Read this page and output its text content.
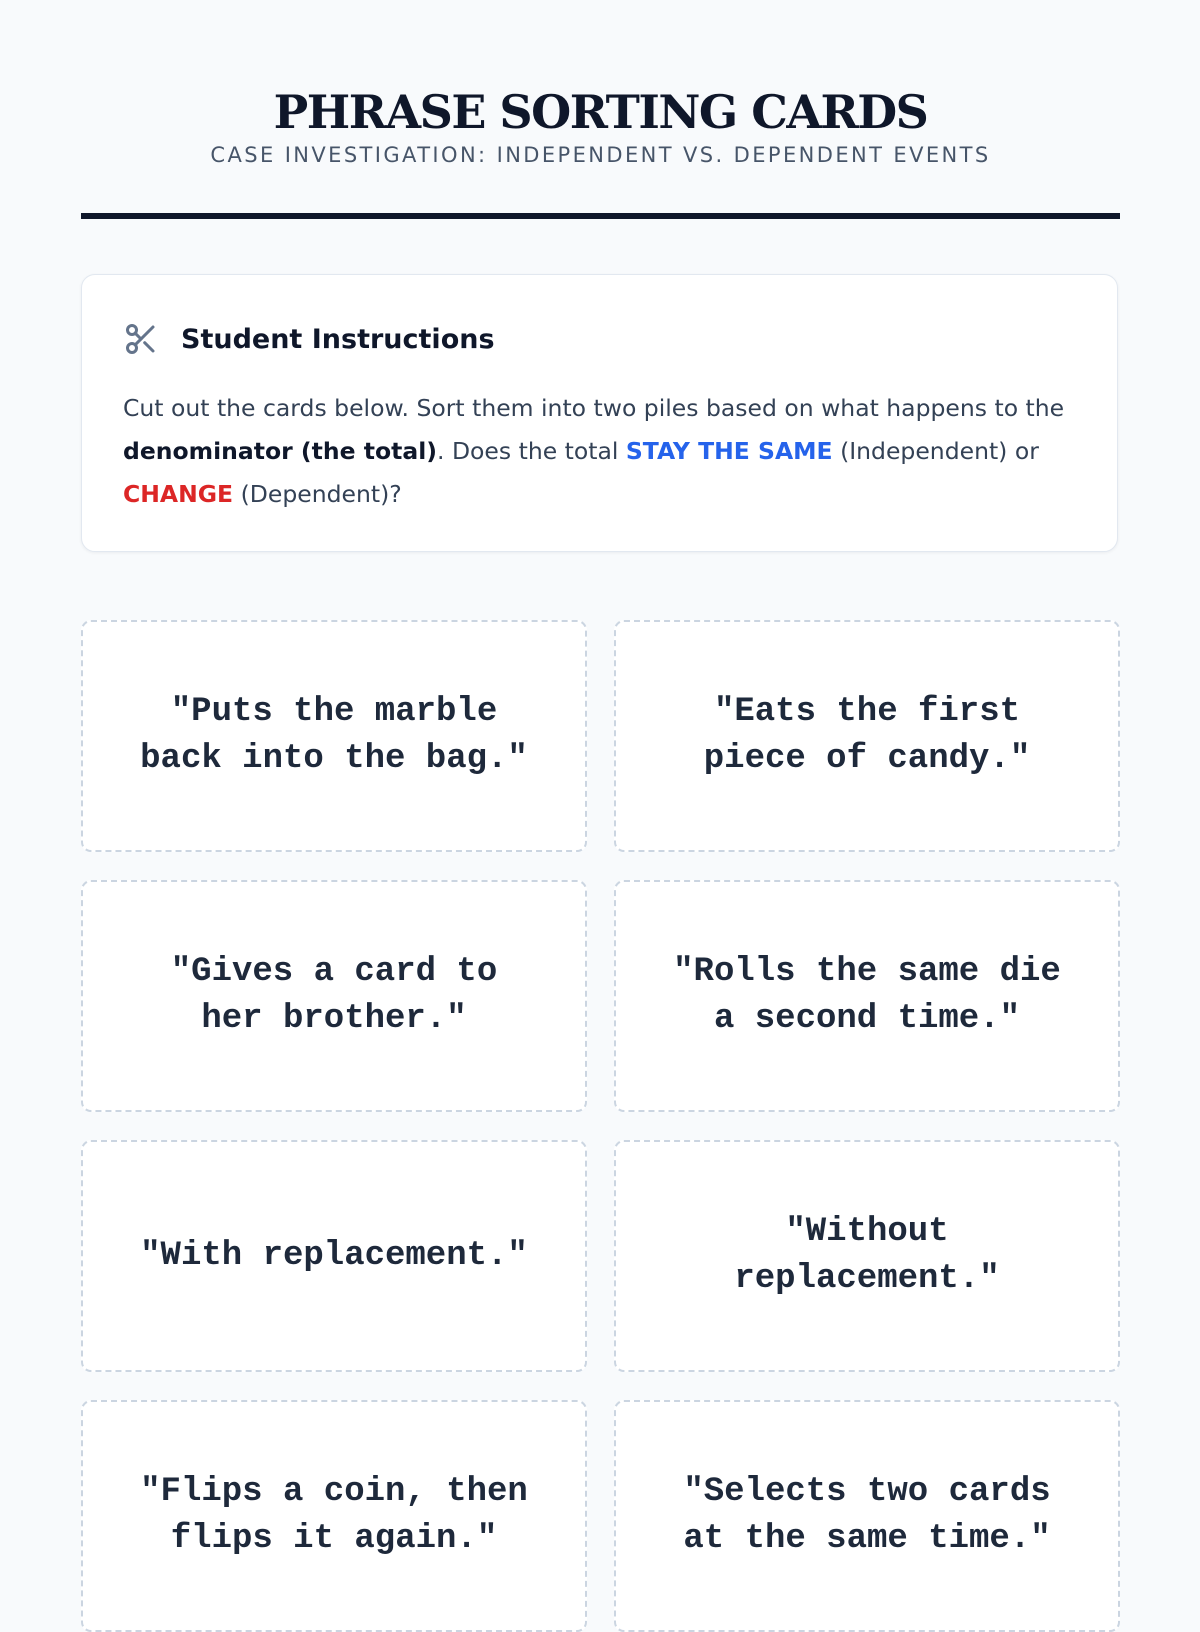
PHRASE SORTING CARDS
CASE INVESTIGATION: INDEPENDENT VS. DEPENDENT EVENTS
Student Instructions
Cut out the cards below. Sort them into two piles based on what happens to the denominator (the total). Does the total STAY THE SAME (Independent) or CHANGE (Dependent)?
"Puts the marble back into the bag."
"Eats the first piece of candy."
"Gives a card to her brother."
"Rolls the same die a second time."
"With replacement."
"Without replacement."
"Flips a coin, then flips it again."
"Selects two cards at the same time."
